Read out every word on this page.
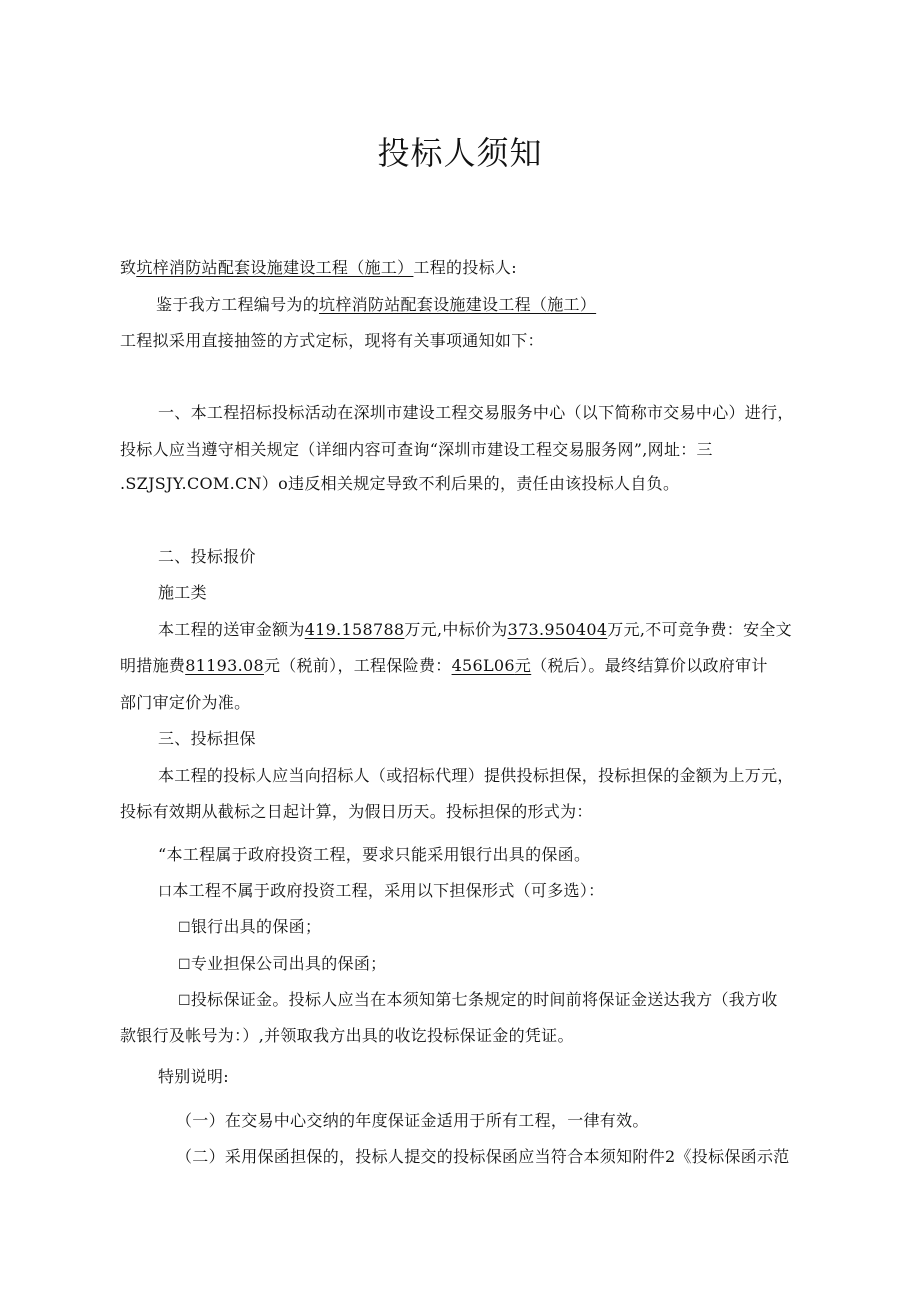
投标人须知
致坑梓消防站配套设施建设工程（施工）工程的投标人:
鉴于我方工程编号为的坑梓消防站配套设施建设工程（施工）
工程拟采用直接抽签的方式定标，现将有关事项通知如下：
一、本工程招标投标活动在深圳市建设工程交易服务中心（以下简称市交易中心）进行，
投标人应当遵守相关规定（详细内容可查询“深圳市建设工程交易服务网”,网址：三
.SZJSJY.COM.CN）o违反相关规定导致不利后果的，责任由该投标人自负。
二、投标报价
施工类
本工程的送审金额为419.158788万元,中标价为373.950404万元,不可竞争费：安全文
明措施费81193.08元（税前），工程保险费：456L06元（税后）。最终结算价以政府审计
部门审定价为准。
三、投标担保
本工程的投标人应当向招标人（或招标代理）提供投标担保，投标担保的金额为上万元，
投标有效期从截标之日起计算，为假日历天。投标担保的形式为：
“本工程属于政府投资工程，要求只能采用银行出具的保函。
口本工程不属于政府投资工程，采用以下担保形式（可多选）：
☐银行出具的保函；
☐专业担保公司出具的保函；
☐投标保证金。投标人应当在本须知第七条规定的时间前将保证金送达我方（我方收
款银行及帐号为：）,并领取我方出具的收讫投标保证金的凭证。
特别说明:
（一）在交易中心交纳的年度保证金适用于所有工程，一律有效。
（二）采用保函担保的，投标人提交的投标保函应当符合本须知附件2《投标保函示范
